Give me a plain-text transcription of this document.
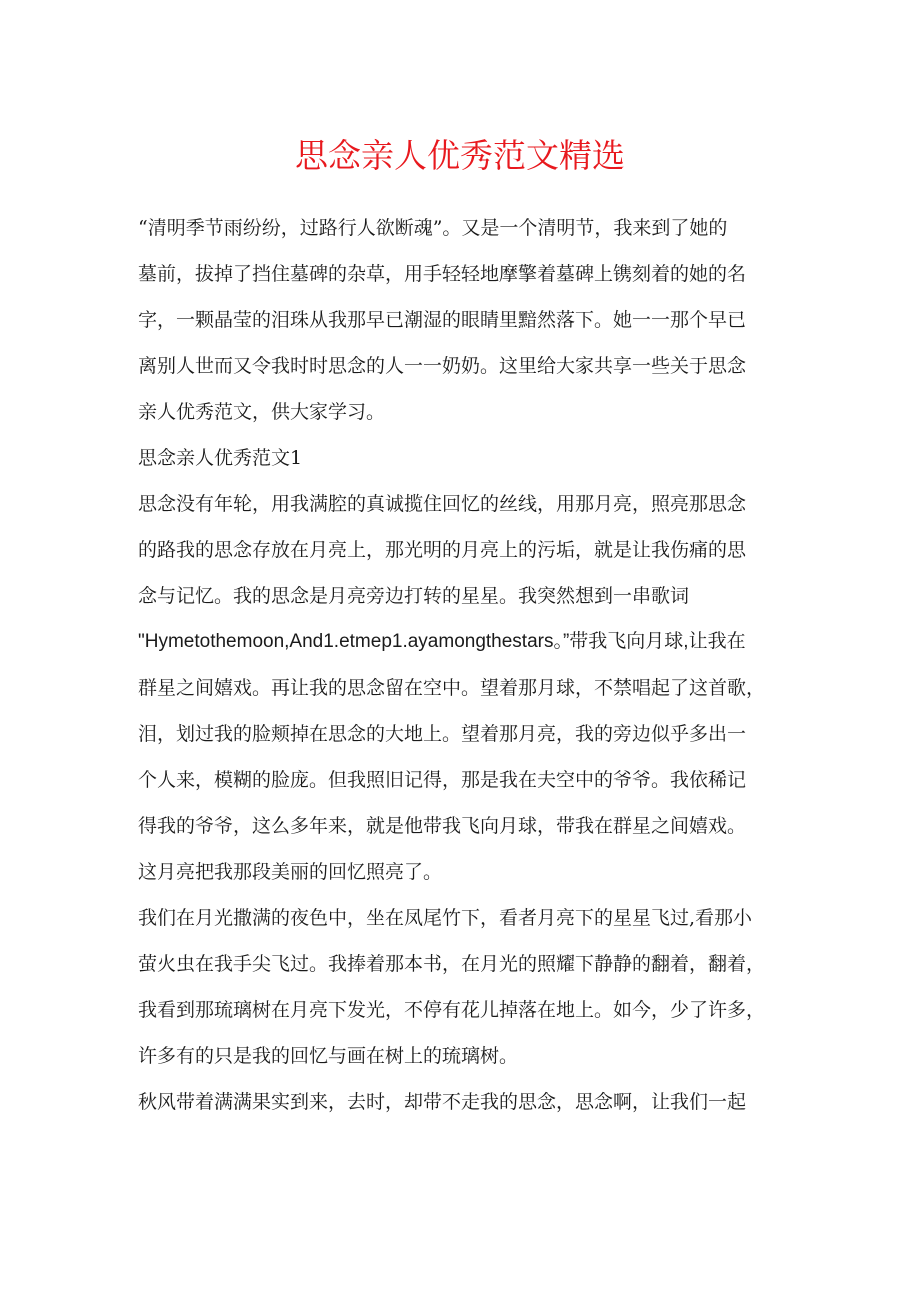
思念亲人优秀范文精选
“清明季节雨纷纷，过路行人欲断魂”。又是一个清明节，我来到了她的
墓前，拔掉了挡住墓碑的杂草，用手轻轻地摩擎着墓碑上镌刻着的她的名
字，一颗晶莹的泪珠从我那早已潮湿的眼睛里黯然落下。她一一那个早已
离别人世而又令我时时思念的人一一奶奶。这里给大家共享一些关于思念
亲人优秀范文，供大家学习。
思念亲人优秀范文1
思念没有年轮，用我满腔的真诚揽住回忆的丝线，用那月亮，照亮那思念
的路我的思念存放在月亮上，那光明的月亮上的污垢，就是让我伤痛的思
念与记忆。我的思念是月亮旁边打转的星星。我突然想到一串歌词
"Hymetothemoon,And1.etmep1.ayamongthestars。”带我飞向月球,让我在
群星之间嬉戏。再让我的思念留在空中。望着那月球，不禁唱起了这首歌，
泪，划过我的脸颊掉在思念的大地上。望着那月亮，我的旁边似乎多出一
个人来，模糊的脸庞。但我照旧记得，那是我在夫空中的爷爷。我依稀记
得我的爷爷，这么多年来，就是他带我飞向月球，带我在群星之间嬉戏。
这月亮把我那段美丽的回忆照亮了。
我们在月光撒满的夜色中，坐在凤尾竹下，看者月亮下的星星飞过,看那小
萤火虫在我手尖飞过。我捧着那本书，在月光的照耀下静静的翻着，翻着，
我看到那琉璃树在月亮下发光，不停有花儿掉落在地上。如今，少了许多，
许多有的只是我的回忆与画在树上的琉璃树。
秋风带着满满果实到来，去时，却带不走我的思念，思念啊，让我们一起
